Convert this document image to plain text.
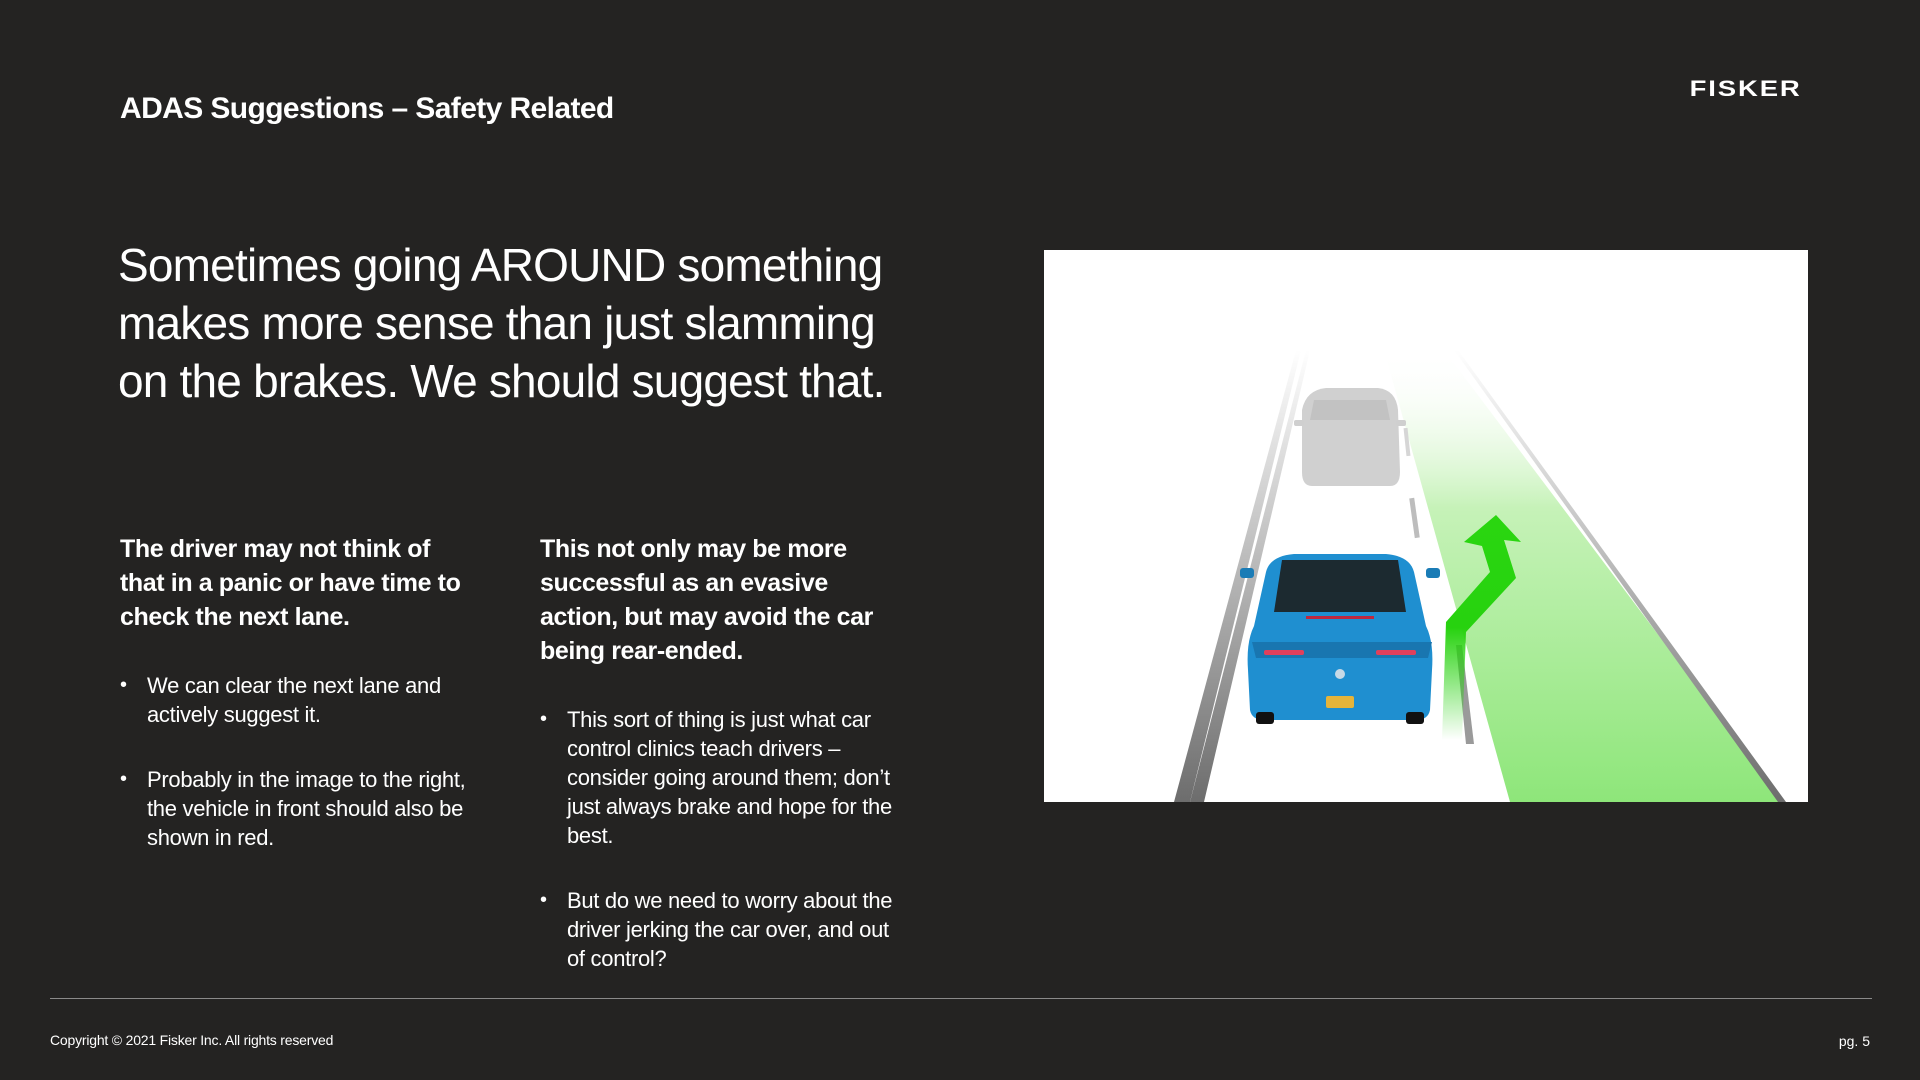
ADAS Suggestions – Safety Related
FISKER

Sometimes going AROUND something makes more sense than just slamming on the brakes. We should suggest that.

The driver may not think of that in a panic or have time to check the next lane.
• We can clear the next lane and actively suggest it.
• Probably in the image to the right, the vehicle in front should also be shown in red.
This not only may be more successful as an evasive action, but may avoid the car being rear-ended.
• This sort of thing is just what car control clinics teach drivers – consider going around them; don’t just always brake and hope for the best.
• But do we need to worry about the driver jerking the car over, and out of control?
Copyright © 2021 Fisker Inc. All rights reserved	pg. 5
